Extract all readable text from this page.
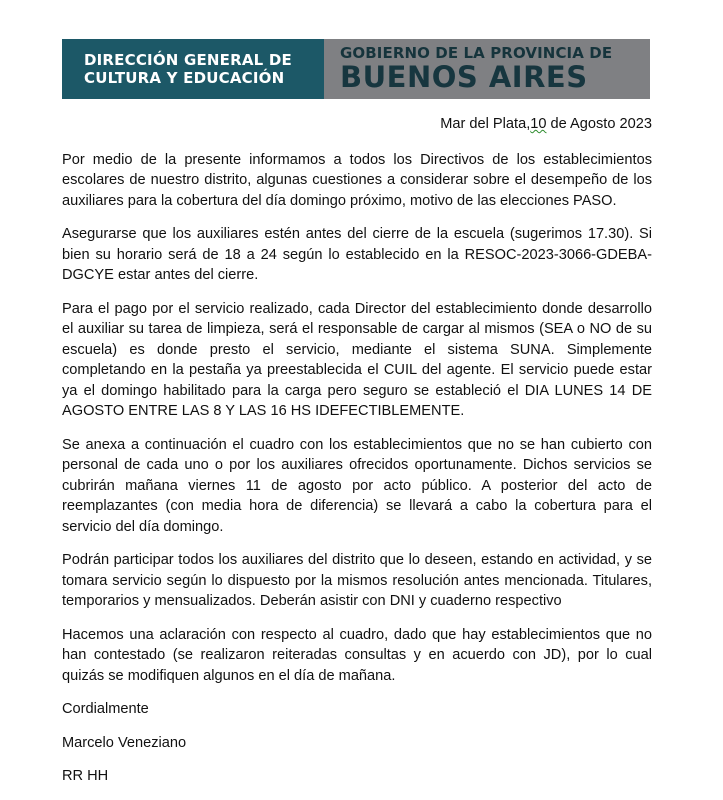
DIRECCIÓN GENERAL DE
CULTURA Y EDUCACIÓN
GOBIERNO DE LA PROVINCIA DE
BUENOS AIRES

Mar del Plata,10 de Agosto 2023

Por medio de la presente informamos a todos los Directivos de los establecimientos escolares de nuestro distrito, algunas cuestiones a considerar sobre el desempeño de los auxiliares para la cobertura del día domingo próximo, motivo de las elecciones PASO.

Asegurarse que los auxiliares estén antes del cierre de la escuela (sugerimos 17.30). Si bien su horario será de 18 a 24 según lo establecido en la RESOC-2023-3066-GDEBA-DGCYE estar antes del cierre.

Para el pago por el servicio realizado, cada Director del establecimiento donde desarrollo el auxiliar su tarea de limpieza, será el responsable de cargar al mismos (SEA o NO de su escuela) es donde presto el servicio, mediante el sistema SUNA. Simplemente completando en la pestaña ya preestablecida el CUIL del agente. El servicio puede estar ya el domingo habilitado para la carga pero seguro se estableció el DIA LUNES 14 DE AGOSTO ENTRE LAS 8 Y LAS 16 HS IDEFECTIBLEMENTE.

Se anexa a continuación el cuadro con los establecimientos que no se han cubierto con personal de cada uno o por los auxiliares ofrecidos oportunamente. Dichos servicios se cubrirán mañana viernes 11 de agosto por acto público. A posterior del acto de reemplazantes (con media hora de diferencia) se llevará a cabo la cobertura para el servicio del día domingo.

Podrán participar todos los auxiliares del distrito que lo deseen, estando en actividad, y se tomara servicio según lo dispuesto por la mismos resolución antes mencionada. Titulares, temporarios y mensualizados. Deberán asistir con DNI y cuaderno respectivo

Hacemos una aclaración con respecto al cuadro, dado que hay establecimientos que no han contestado (se realizaron reiteradas consultas y en acuerdo con JD), por lo cual quizás se modifiquen algunos en el día de mañana.

Cordialmente

Marcelo Veneziano

RR HH
